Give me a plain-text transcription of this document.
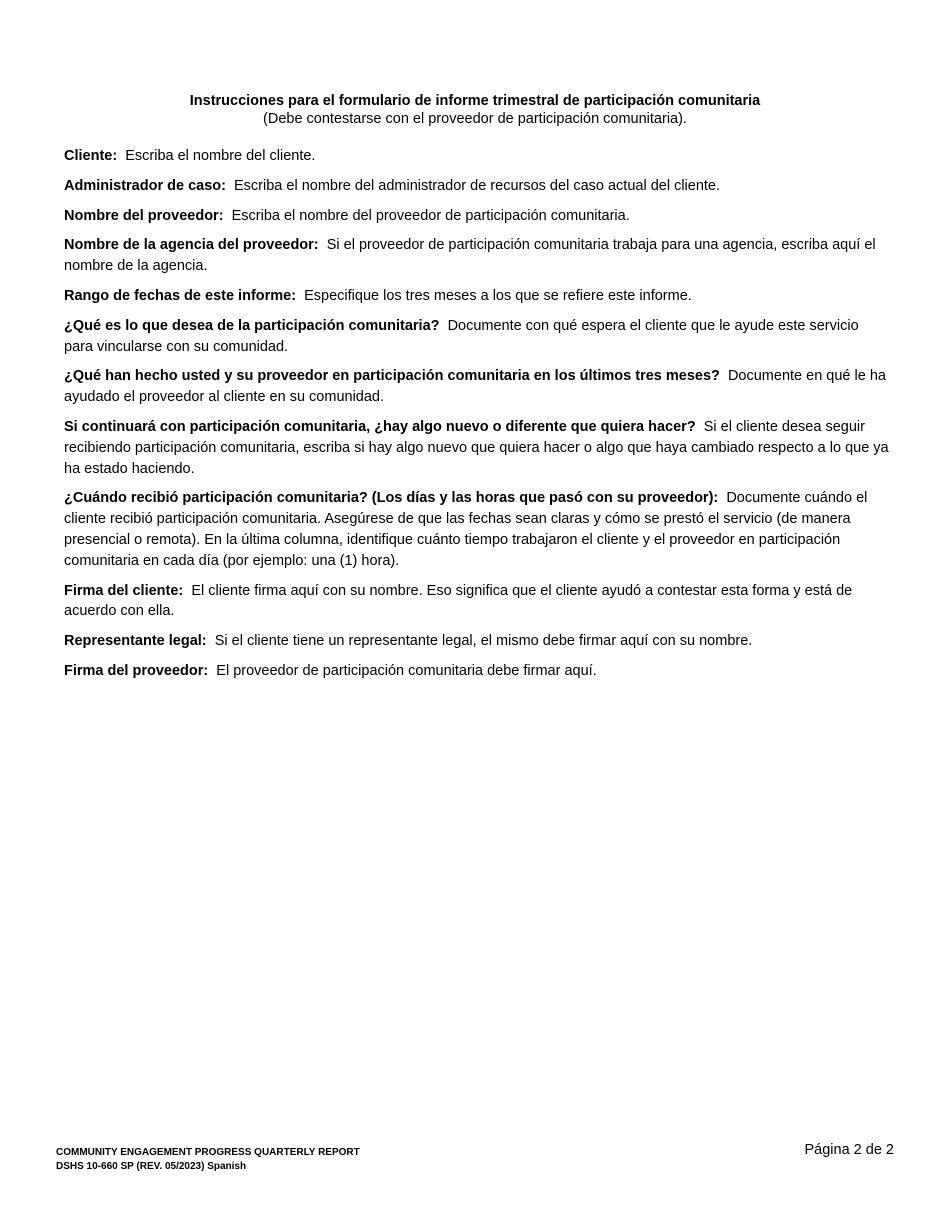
Instrucciones para el formulario de informe trimestral de participación comunitaria
(Debe contestarse con el proveedor de participación comunitaria).

Cliente: Escriba el nombre del cliente.

Administrador de caso: Escriba el nombre del administrador de recursos del caso actual del cliente.

Nombre del proveedor: Escriba el nombre del proveedor de participación comunitaria.

Nombre de la agencia del proveedor: Si el proveedor de participación comunitaria trabaja para una agencia, escriba aquí el nombre de la agencia.

Rango de fechas de este informe: Especifique los tres meses a los que se refiere este informe.

¿Qué es lo que desea de la participación comunitaria? Documente con qué espera el cliente que le ayude este servicio para vincularse con su comunidad.

¿Qué han hecho usted y su proveedor en participación comunitaria en los últimos tres meses? Documente en qué le ha ayudado el proveedor al cliente en su comunidad.

Si continuará con participación comunitaria, ¿hay algo nuevo o diferente que quiera hacer? Si el cliente desea seguir recibiendo participación comunitaria, escriba si hay algo nuevo que quiera hacer o algo que haya cambiado respecto a lo que ya ha estado haciendo.

¿Cuándo recibió participación comunitaria? (Los días y las horas que pasó con su proveedor): Documente cuándo el cliente recibió participación comunitaria. Asegúrese de que las fechas sean claras y cómo se prestó el servicio (de manera presencial o remota). En la última columna, identifique cuánto tiempo trabajaron el cliente y el proveedor en participación comunitaria en cada día (por ejemplo: una (1) hora).

Firma del cliente: El cliente firma aquí con su nombre. Eso significa que el cliente ayudó a contestar esta forma y está de acuerdo con ella.

Representante legal: Si el cliente tiene un representante legal, el mismo debe firmar aquí con su nombre.

Firma del proveedor: El proveedor de participación comunitaria debe firmar aquí.

COMMUNITY ENGAGEMENT PROGRESS QUARTERLY REPORT
DSHS 10-660 SP (REV. 05/2023) Spanish
Página 2 de 2
